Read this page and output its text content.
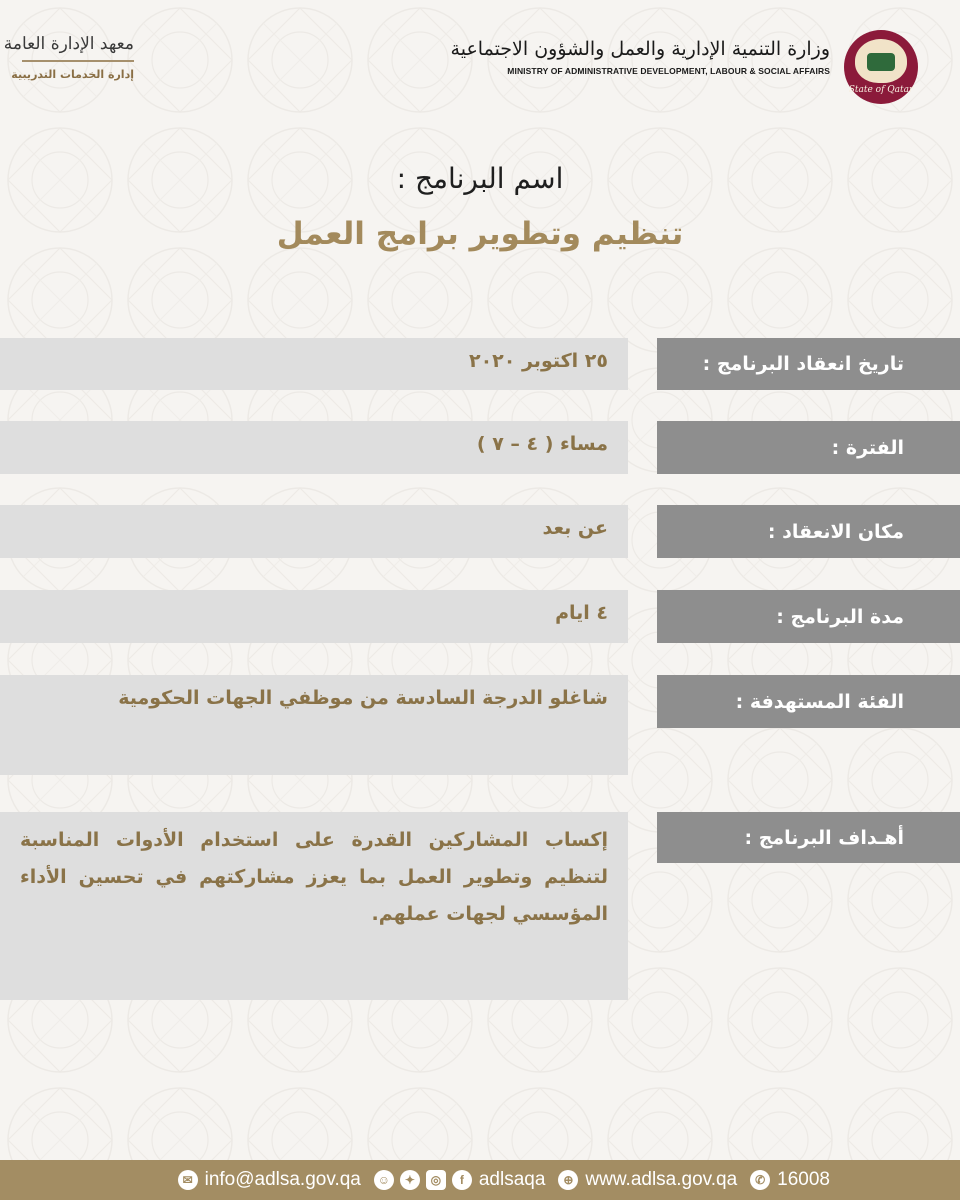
معهد الإدارة العامة
إدارة الخدمات التدريبية
وزارة التنمية الإدارية والعمل والشؤون الاجتماعية
MINISTRY OF ADMINISTRATIVE DEVELOPMENT, LABOUR & SOCIAL AFFAIRS
State of Qatar
اسم البرنامج :
تنظيم وتطوير برامج العمل
تاريخ انعقاد البرنامج :
٢٥ اكتوبر ٢٠٢٠
الفترة :
مساء ( ٤ – ٧ )
مكان الانعقاد :
عن بعد
مدة البرنامج :
٤ ايام
الفئة المستهدفة :
شاغلو الدرجة السادسة من موظفي الجهات الحكومية
أهـداف البرنامج :
إكساب المشاركين القدرة على استخدام الأدوات المناسبة لتنظيم وتطوير العمل بما يعزز مشاركتهم في تحسين الأداء المؤسسي لجهات عملهم.
✉ info@adlsa.gov.qa	☺	✦	◎	f adlsaqa	⊕ www.adlsa.gov.qa	✆ 16008
